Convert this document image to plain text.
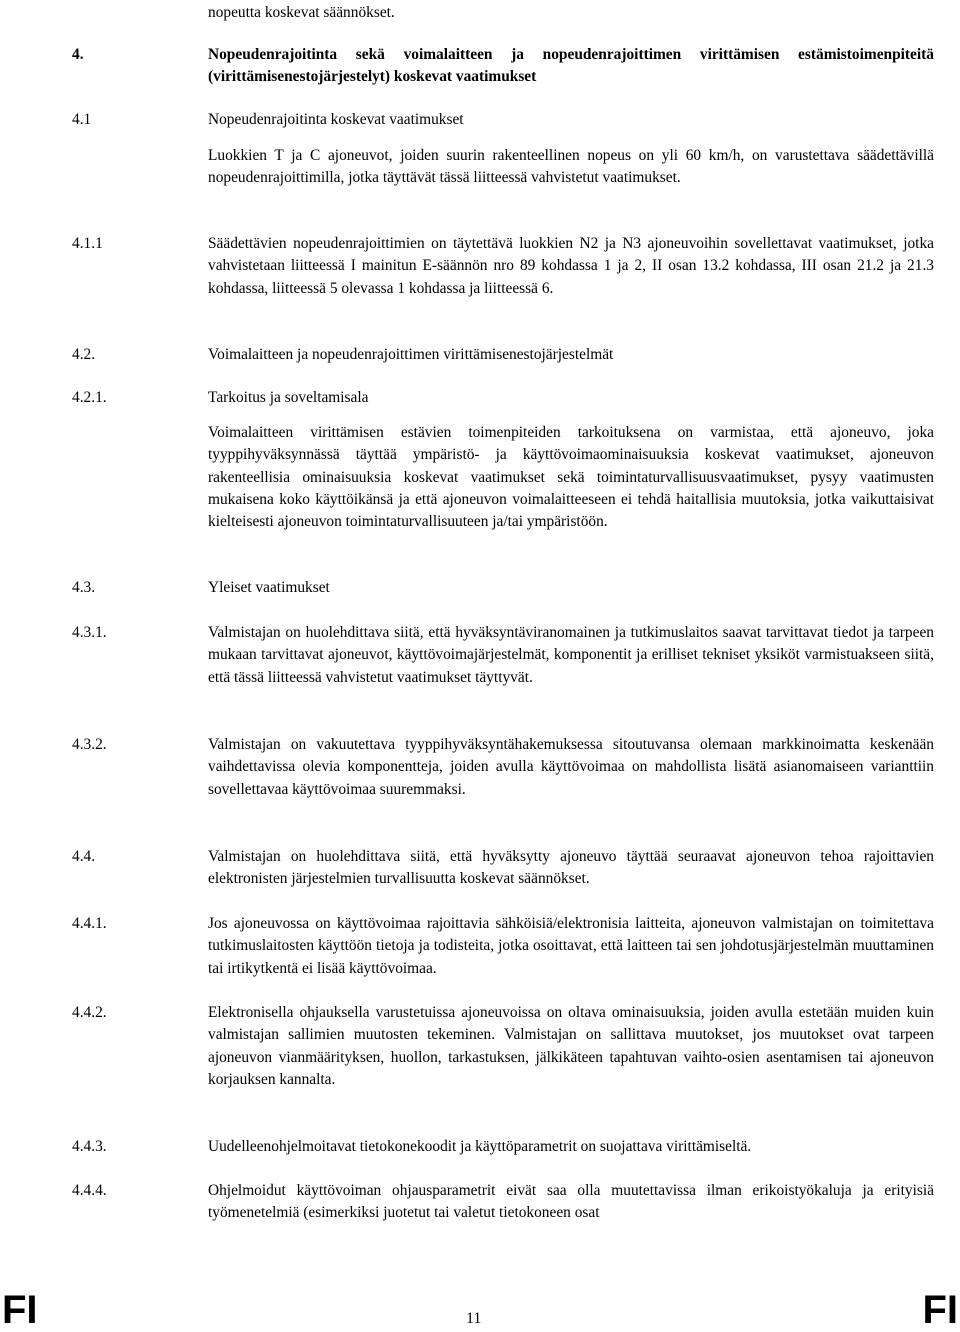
nopeutta koskevat säännökset.

4.	Nopeudenrajoitinta sekä voimalaitteen ja nopeudenrajoittimen virittämisen estämistoimenpiteitä (virittämisenestojärjestelyt) koskevat vaatimukset

4.1	Nopeudenrajoitinta koskevat vaatimukset

Luokkien T ja C ajoneuvot, joiden suurin rakenteellinen nopeus on yli 60 km/h, on varustettava säädettävillä nopeudenrajoittimilla, jotka täyttävät tässä liitteessä vahvistetut vaatimukset.

4.1.1	Säädettävien nopeudenrajoittimien on täytettävä luokkien N2 ja N3 ajoneuvoihin sovellettavat vaatimukset, jotka vahvistetaan liitteessä I mainitun E-säännön nro 89 kohdassa 1 ja 2, II osan 13.2 kohdassa, III osan 21.2 ja 21.3 kohdassa, liitteessä 5 olevassa 1 kohdassa ja liitteessä 6.

4.2.	Voimalaitteen ja nopeudenrajoittimen virittämisenestojärjestelmät

4.2.1.	Tarkoitus ja soveltamisala

Voimalaitteen virittämisen estävien toimenpiteiden tarkoituksena on varmistaa, että ajoneuvo, joka tyyppihyväksynnässä täyttää ympäristö- ja käyttövoimaominaisuuksia koskevat vaatimukset, ajoneuvon rakenteellisia ominaisuuksia koskevat vaatimukset sekä toimintaturvallisuusvaatimukset, pysyy vaatimusten mukaisena koko käyttöikänsä ja että ajoneuvon voimalaitteeseen ei tehdä haitallisia muutoksia, jotka vaikuttaisivat kielteisesti ajoneuvon toimintaturvallisuuteen ja/tai ympäristöön.

4.3.	Yleiset vaatimukset

4.3.1.	Valmistajan on huolehdittava siitä, että hyväksyntäviranomainen ja tutkimuslaitos saavat tarvittavat tiedot ja tarpeen mukaan tarvittavat ajoneuvot, käyttövoimajärjestelmät, komponentit ja erilliset tekniset yksiköt varmistuakseen siitä, että tässä liitteessä vahvistetut vaatimukset täyttyvät.

4.3.2.	Valmistajan on vakuutettava tyyppihyväksyntähakemuksessa sitoutuvansa olemaan markkinoimatta keskenään vaihdettavissa olevia komponentteja, joiden avulla käyttövoimaa on mahdollista lisätä asianomaiseen varianttiin sovellettavaa käyttövoimaa suuremmaksi.

4.4.	Valmistajan on huolehdittava siitä, että hyväksytty ajoneuvo täyttää seuraavat ajoneuvon tehoa rajoittavien elektronisten järjestelmien turvallisuutta koskevat säännökset.

4.4.1.	Jos ajoneuvossa on käyttövoimaa rajoittavia sähköisiä/elektronisia laitteita, ajoneuvon valmistajan on toimitettava tutkimuslaitosten käyttöön tietoja ja todisteita, jotka osoittavat, että laitteen tai sen johdotusjärjestelmän muuttaminen tai irtikytkentä ei lisää käyttövoimaa.

4.4.2.	Elektronisella ohjauksella varustetuissa ajoneuvoissa on oltava ominaisuuksia, joiden avulla estetään muiden kuin valmistajan sallimien muutosten tekeminen. Valmistajan on sallittava muutokset, jos muutokset ovat tarpeen ajoneuvon vianmäärityksen, huollon, tarkastuksen, jälkikäteen tapahtuvan vaihto-osien asentamisen tai ajoneuvon korjauksen kannalta.

4.4.3.	Uudelleenohjelmoitavat tietokonekoodit ja käyttöparametrit on suojattava virittämiseltä.

4.4.4.	Ohjelmoidut käyttövoiman ohjausparametrit eivät saa olla muutettavissa ilman erikoistyökaluja ja erityisiä työmenetelmiä (esimerkiksi juotetut tai valetut tietokoneen osat

FI	11	FI
